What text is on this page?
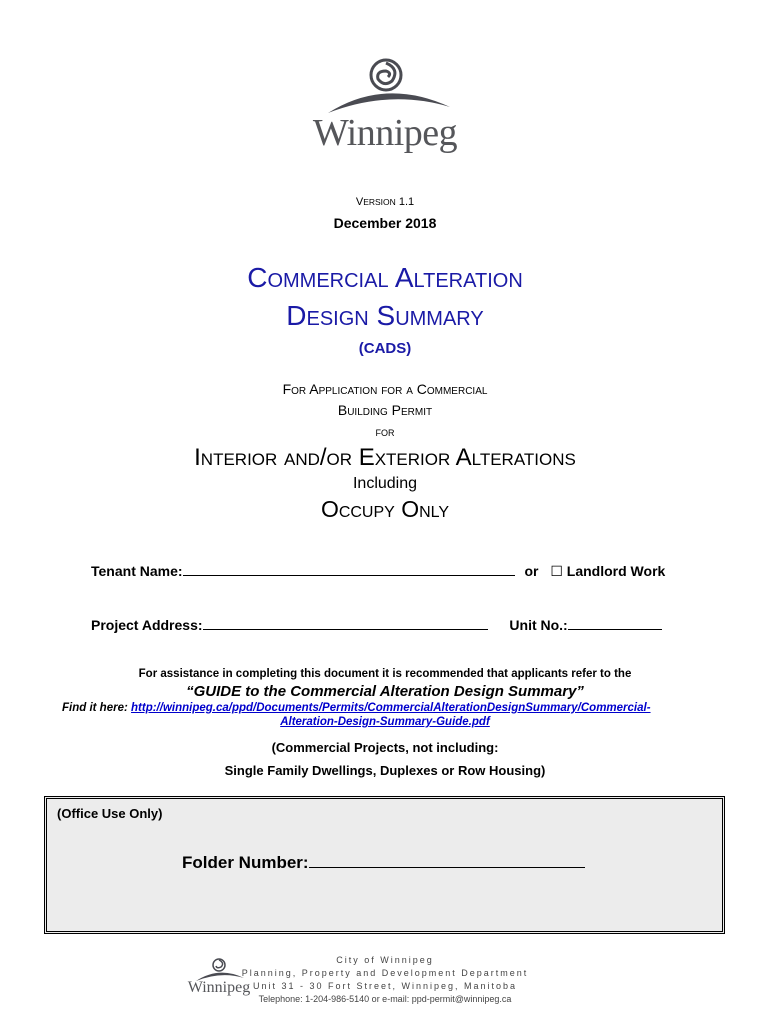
Winnipeg
VERSION 1.1
December 2018
Commercial Alteration
Design Summary
(CADS)
For Application for a Commercial
Building Permit
for
Interior and/or Exterior Alterations
Including
Occupy Only
Tenant Name:	or ☐ Landlord Work
Project Address:	Unit No.:
For assistance in completing this document it is recommended that applicants refer to the
“GUIDE to the Commercial Alteration Design Summary”
Find it here: http://winnipeg.ca/ppd/Documents/Permits/CommercialAlterationDesignSummary/Commercial-
Alteration-Design-Summary-Guide.pdf
(Commercial Projects, not including:
Single Family Dwellings, Duplexes or Row Housing)
(Office Use Only)
Folder Number:
Winnipeg
City of Winnipeg
Planning, Property and Development Department
Unit 31 - 30 Fort Street, Winnipeg, Manitoba
Telephone: 1-204-986-5140 or e-mail: ppd-permit@winnipeg.ca
